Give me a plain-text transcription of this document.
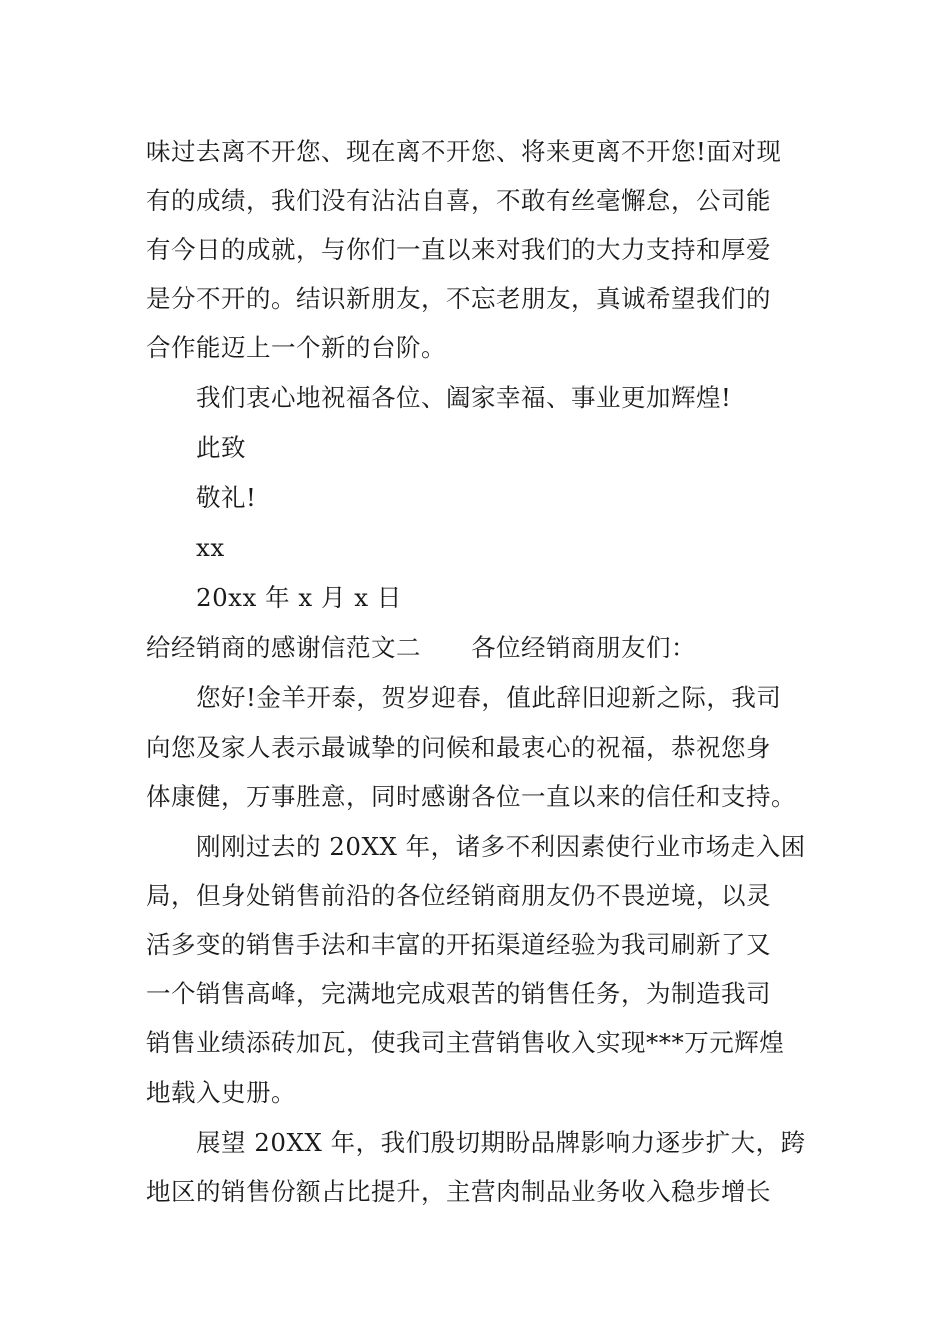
味过去离不开您、现在离不开您、将来更离不开您!面对现
有的成绩，我们没有沾沾自喜，不敢有丝毫懈怠，公司能
有今日的成就，与你们一直以来对我们的大力支持和厚爱
是分不开的。结识新朋友，不忘老朋友，真诚希望我们的
合作能迈上一个新的台阶。
我们衷心地祝福各位、阖家幸福、事业更加辉煌!
此致
敬礼!
xx
20xx 年 x 月 x 日
给经销商的感谢信范文二 各位经销商朋友们：
您好!金羊开泰，贺岁迎春，值此辞旧迎新之际，我司
向您及家人表示最诚挚的问候和最衷心的祝福，恭祝您身
体康健，万事胜意，同时感谢各位一直以来的信任和支持。
刚刚过去的 20XX 年，诸多不利因素使行业市场走入困
局，但身处销售前沿的各位经销商朋友仍不畏逆境，以灵
活多变的销售手法和丰富的开拓渠道经验为我司刷新了又
一个销售高峰，完满地完成艰苦的销售任务，为制造我司
销售业绩添砖加瓦，使我司主营销售收入实现***万元辉煌
地载入史册。
展望 20XX 年，我们殷切期盼品牌影响力逐步扩大，跨
地区的销售份额占比提升，主营肉制品业务收入稳步增长
